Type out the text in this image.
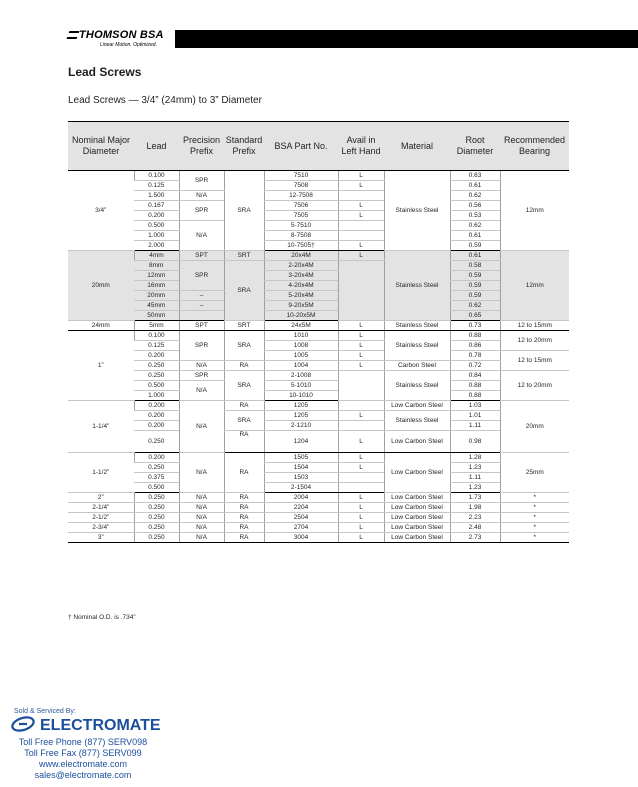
THOMSON BSA
Linear Motion. Optimized.
Lead Screws
Lead Screws — 3/4” (24mm) to 3” Diameter
Nominal Major Diameter	Lead	Precision Prefix	Standard Prefix	BSA Part No.	Avail in Left Hand	Material	Root Diameter	Recommended Bearing
3/4”	0.100	SPR	SRA	7510	L	Stainless Steel	0.63	12mm
	0.125			7508	L		0.61	
	1.500	N/A		12-7508			0.62	
	0.167	SPR		7506	L		0.56	
	0.200			7505	L		0.53	
	0.500	N/A		5-7510			0.62	
	1.000			8-7508			0.61	
	2.000			10-7505†	L		0.59	
20mm	4mm	SPT	SRT	20x4M	L	Stainless Steel	0.61	12mm
	8mm	SPR	SRA	2-20x4M			0.58	
	12mm			3-20x4M			0.59	
	16mm			4-20x4M			0.59	
	20mm	–		5-20x4M			0.59	
	45mm	–		9-20x5M			0.62	
	50mm			10-20x5M			0.65	
24mm	5mm	SPT	SRT	24x5M	L	Stainless Steel	0.73	12 to 15mm
1”	0.100	SPR	SRA	1010	L	Stainless Steel	0.88	12 to 20mm
	0.125			1008	L		0.86	
	0.200			1005	L		0.78	12 to 15mm
	0.250	N/A	RA	1004	L	Carbon Steel	0.72	
	0.250	SPR	SRA	2-1008		Stainless Steel	0.84	12 to 20mm
	0.500	N/A		5-1010			0.88	
	1.000			10-1010			0.88	
1-1/4”	0.200	N/A	RA	1205		Low Carbon Steel	1.03	20mm
	0.200		SRA	1205	L	Stainless Steel	1.01	
	0.200			2-1210			1.11	
	0.250		RA	1204	L	Low Carbon Steel	0.98	
1-1/2”	0.200	N/A	RA	1505	L	Low Carbon Steel	1.28	25mm
	0.250			1504	L		1.23	
	0.375			1503			1.11	
	0.500			2-1504			1.23	
2”	0.250	N/A	RA	2004	L	Low Carbon Steel	1.73	*
2-1/4”	0.250	N/A	RA	2204	L	Low Carbon Steel	1.98	*
2-1/2”	0.250	N/A	RA	2504	L	Low Carbon Steel	2.23	*
2-3/4”	0.250	N/A	RA	2704	L	Low Carbon Steel	2.48	*
3”	0.250	N/A	RA	3004	L	Low Carbon Steel	2.73	*
† Nominal O.D. is .734”
Sold & Serviced By:
ELECTROMATE
Toll Free Phone (877) SERV098
Toll Free Fax (877) SERV099
www.electromate.com
sales@electromate.com
